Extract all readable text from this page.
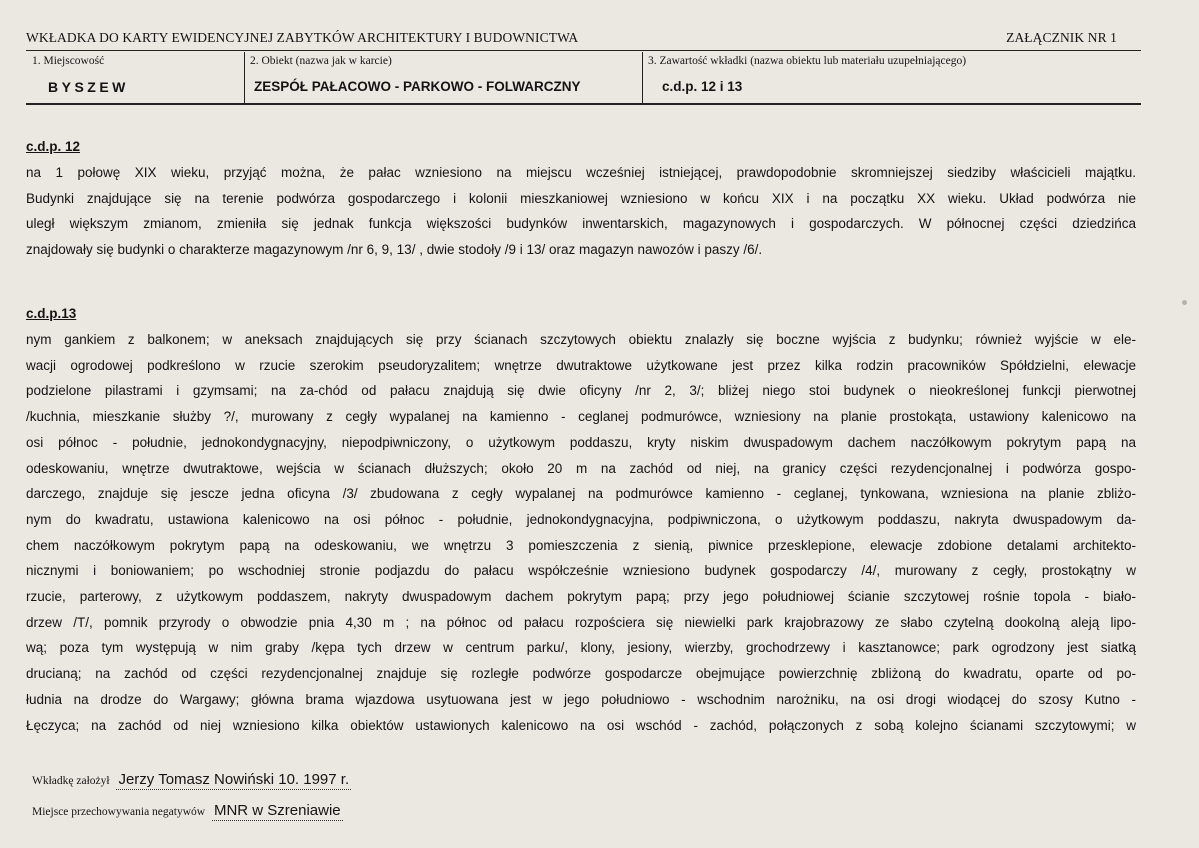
WKŁADKA DO KARTY EWIDENCYJNEJ ZABYTKÓW ARCHITEKTURY I BUDOWNICTWA	ZAŁĄCZNIK NR 1
1. Miejscowość
BYSZEW
2. Obiekt (nazwa jak w karcie)
ZESPÓŁ PAŁACOWO - PARKOWO - FOLWARCZNY
3. Zawartość wkładki (nazwa obiektu lub materiału uzupełniającego)
c.d.p. 12 i 13
c.d.p. 12
na 1 połowę XIX wieku, przyjąć można, że pałac wzniesiono na miejscu wcześniej istniejącej, prawdopodobnie skromniejszej siedziby właścicieli majątku.
Budynki znajdujące się na terenie podwórza gospodarczego i kolonii mieszkaniowej wzniesiono w końcu XIX i na początku XX wieku. Układ podwórza nie
uległ większym zmianom, zmieniła się jednak funkcja większości budynków inwentarskich, magazynowych i gospodarczych. W północnej części dziedzińca
znajdowały się budynki o charakterze magazynowym /nr 6, 9, 13/ , dwie stodoły /9 i 13/ oraz magazyn nawozów i paszy /6/.
c.d.p.13
nym gankiem z balkonem; w aneksach znajdujących się przy ścianach szczytowych obiektu znalazły się boczne wyjścia z budynku; również wyjście w ele-
wacji ogrodowej podkreślono w rzucie szerokim pseudoryzalitem; wnętrze dwutraktowe użytkowane jest przez kilka rodzin pracowników Spółdzielni, elewacje
podzielone pilastrami i gzymsami; na za-chód od pałacu znajdują się dwie oficyny /nr 2, 3/; bliżej niego stoi budynek o nieokreślonej funkcji pierwotnej
/kuchnia, mieszkanie służby ?/, murowany z cegły wypalanej na kamienno - ceglanej podmurówce, wzniesiony na planie prostokąta, ustawiony kalenicowo na
osi północ - południe, jednokondygnacyjny, niepodpiwniczony, o użytkowym poddaszu, kryty niskim dwuspadowym dachem naczółkowym pokrytym papą na
odeskowaniu, wnętrze dwutraktowe, wejścia w ścianach dłuższych; około 20 m na zachód od niej, na granicy części rezydencjonalnej i podwórza gospo-
darczego, znajduje się jescze jedna oficyna /3/ zbudowana z cegły wypalanej na podmurówce kamienno - ceglanej, tynkowana, wzniesiona na planie zbliżo-
nym do kwadratu, ustawiona kalenicowo na osi północ - południe, jednokondygnacyjna, podpiwniczona, o użytkowym poddaszu, nakryta dwuspadowym da-
chem naczółkowym pokrytym papą na odeskowaniu, we wnętrzu 3 pomieszczenia z sienią, piwnice przesklepione, elewacje zdobione detalami architekto-
nicznymi i boniowaniem; po wschodniej stronie podjazdu do pałacu współcześnie wzniesiono budynek gospodarczy /4/, murowany z cegły, prostokątny w
rzucie, parterowy, z użytkowym poddaszem, nakryty dwuspadowym dachem pokrytym papą; przy jego południowej ścianie szczytowej rośnie topola - biało-
drzew /T/, pomnik przyrody o obwodzie pnia 4,30 m ; na północ od pałacu rozpościera się niewielki park krajobrazowy ze słabo czytelną dookolną aleją lipo-
wą; poza tym występują w nim graby /kępa tych drzew w centrum parku/, klony, jesiony, wierzby, grochodrzewy i kasztanowce; park ogrodzony jest siatką
drucianą; na zachód od części rezydencjonalnej znajduje się rozległe podwórze gospodarcze obejmujące powierzchnię zbliżoną do kwadratu, oparte od po-
łudnia na drodze do Wargawy; główna brama wjazdowa usytuowana jest w jego południowo - wschodnim narożniku, na osi drogi wiodącej do szosy Kutno -
Łęczyca; na zachód od niej wzniesiono kilka obiektów ustawionych kalenicowo na osi wschód - zachód, połączonych z sobą kolejno ścianami szczytowymi; w
Wkładkę założył Jerzy Tomasz Nowiński 10. 1997 r.
Miejsce przechowywania negatywów MNR w Szreniawie
